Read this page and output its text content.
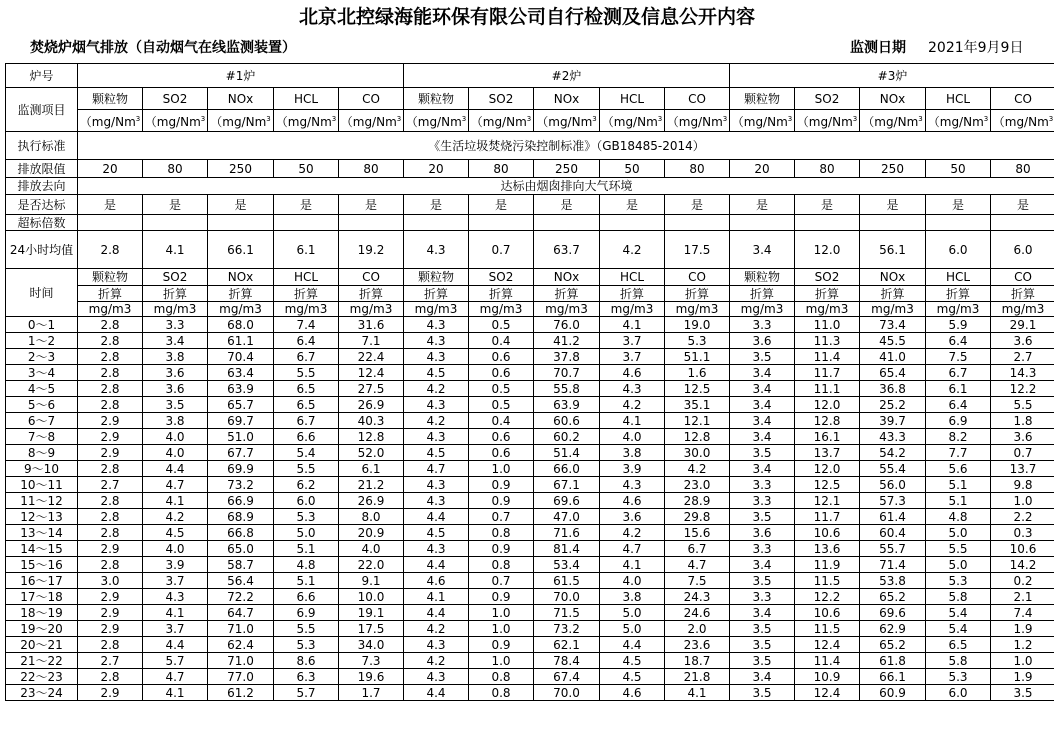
北京北控绿海能环保有限公司自行检测及信息公开内容
焚烧炉烟气排放（自动烟气在线监测装置）	监测日期 2021年9月9日
炉号	#1炉					#2炉					#3炉				
监测项目	颗粒物	SO2	NOx	HCL	CO	颗粒物	SO2	NOx	HCL	CO	颗粒物	SO2	NOx	HCL	CO
	（mg/Nm$^3$	（mg/Nm$^3$	（mg/Nm$^3$	（mg/Nm$^3$	（mg/Nm$^3$	（mg/Nm$^3$	（mg/Nm$^3$	（mg/Nm$^3$	（mg/Nm$^3$	（mg/Nm$^3$	（mg/Nm$^3$	（mg/Nm$^3$	（mg/Nm$^3$	（mg/Nm$^3$	（mg/Nm$^3$
执行标准	《生活垃圾焚烧污染控制标准》（GB18485-2014）														
排放限值	20	80	250	50	80	20	80	250	50	80	20	80	250	50	80
排放去向	达标由烟囱排向大气环境														
是否达标	是	是	是	是	是	是	是	是	是	是	是	是	是	是	是
超标倍数															
24小时均值	2.8	4.1	66.1	6.1	19.2	4.3	0.7	63.7	4.2	17.5	3.4	12.0	56.1	6.0	6.0
时间	颗粒物	SO2	NOx	HCL	CO	颗粒物	SO2	NOx	HCL	CO	颗粒物	SO2	NOx	HCL	CO
	折算	折算	折算	折算	折算	折算	折算	折算	折算	折算	折算	折算	折算	折算	折算
	mg/m3	mg/m3	mg/m3	mg/m3	mg/m3	mg/m3	mg/m3	mg/m3	mg/m3	mg/m3	mg/m3	mg/m3	mg/m3	mg/m3	mg/m3
0～1	2.8	3.3	68.0	7.4	31.6	4.3	0.5	76.0	4.1	19.0	3.3	11.0	73.4	5.9	29.1
1～2	2.8	3.4	61.1	6.4	7.1	4.3	0.4	41.2	3.7	5.3	3.6	11.3	45.5	6.4	3.6
2～3	2.8	3.8	70.4	6.7	22.4	4.3	0.6	37.8	3.7	51.1	3.5	11.4	41.0	7.5	2.7
3～4	2.8	3.6	63.4	5.5	12.4	4.5	0.6	70.7	4.6	1.6	3.4	11.7	65.4	6.7	14.3
4～5	2.8	3.6	63.9	6.5	27.5	4.2	0.5	55.8	4.3	12.5	3.4	11.1	36.8	6.1	12.2
5～6	2.8	3.5	65.7	6.5	26.9	4.3	0.5	63.9	4.2	35.1	3.4	12.0	25.2	6.4	5.5
6～7	2.9	3.8	69.7	6.7	40.3	4.2	0.4	60.6	4.1	12.1	3.4	12.8	39.7	6.9	1.8
7～8	2.9	4.0	51.0	6.6	12.8	4.3	0.6	60.2	4.0	12.8	3.4	16.1	43.3	8.2	3.6
8～9	2.9	4.0	67.7	5.4	52.0	4.5	0.6	51.4	3.8	30.0	3.5	13.7	54.2	7.7	0.7
9～10	2.8	4.4	69.9	5.5	6.1	4.7	1.0	66.0	3.9	4.2	3.4	12.0	55.4	5.6	13.7
10～11	2.7	4.7	73.2	6.2	21.2	4.3	0.9	67.1	4.3	23.0	3.3	12.5	56.0	5.1	9.8
11～12	2.8	4.1	66.9	6.0	26.9	4.3	0.9	69.6	4.6	28.9	3.3	12.1	57.3	5.1	1.0
12～13	2.8	4.2	68.9	5.3	8.0	4.4	0.7	47.0	3.6	29.8	3.5	11.7	61.4	4.8	2.2
13～14	2.8	4.5	66.8	5.0	20.9	4.5	0.8	71.6	4.2	15.6	3.6	10.6	60.4	5.0	0.3
14～15	2.9	4.0	65.0	5.1	4.0	4.3	0.9	81.4	4.7	6.7	3.3	13.6	55.7	5.5	10.6
15～16	2.8	3.9	58.7	4.8	22.0	4.4	0.8	53.4	4.1	4.7	3.4	11.9	71.4	5.0	14.2
16～17	3.0	3.7	56.4	5.1	9.1	4.6	0.7	61.5	4.0	7.5	3.5	11.5	53.8	5.3	0.2
17～18	2.9	4.3	72.2	6.6	10.0	4.1	0.9	70.0	3.8	24.3	3.3	12.2	65.2	5.8	2.1
18～19	2.9	4.1	64.7	6.9	19.1	4.4	1.0	71.5	5.0	24.6	3.4	10.6	69.6	5.4	7.4
19～20	2.9	3.7	71.0	5.5	17.5	4.2	1.0	73.2	5.0	2.0	3.5	11.5	62.9	5.4	1.9
20～21	2.8	4.4	62.4	5.3	34.0	4.3	0.9	62.1	4.4	23.6	3.5	12.4	65.2	6.5	1.2
21～22	2.7	5.7	71.0	8.6	7.3	4.2	1.0	78.4	4.5	18.7	3.5	11.4	61.8	5.8	1.0
22～23	2.8	4.7	77.0	6.3	19.6	4.3	0.8	67.4	4.5	21.8	3.4	10.9	66.1	5.3	1.9
23～24	2.9	4.1	61.2	5.7	1.7	4.4	0.8	70.0	4.6	4.1	3.5	12.4	60.9	6.0	3.5
